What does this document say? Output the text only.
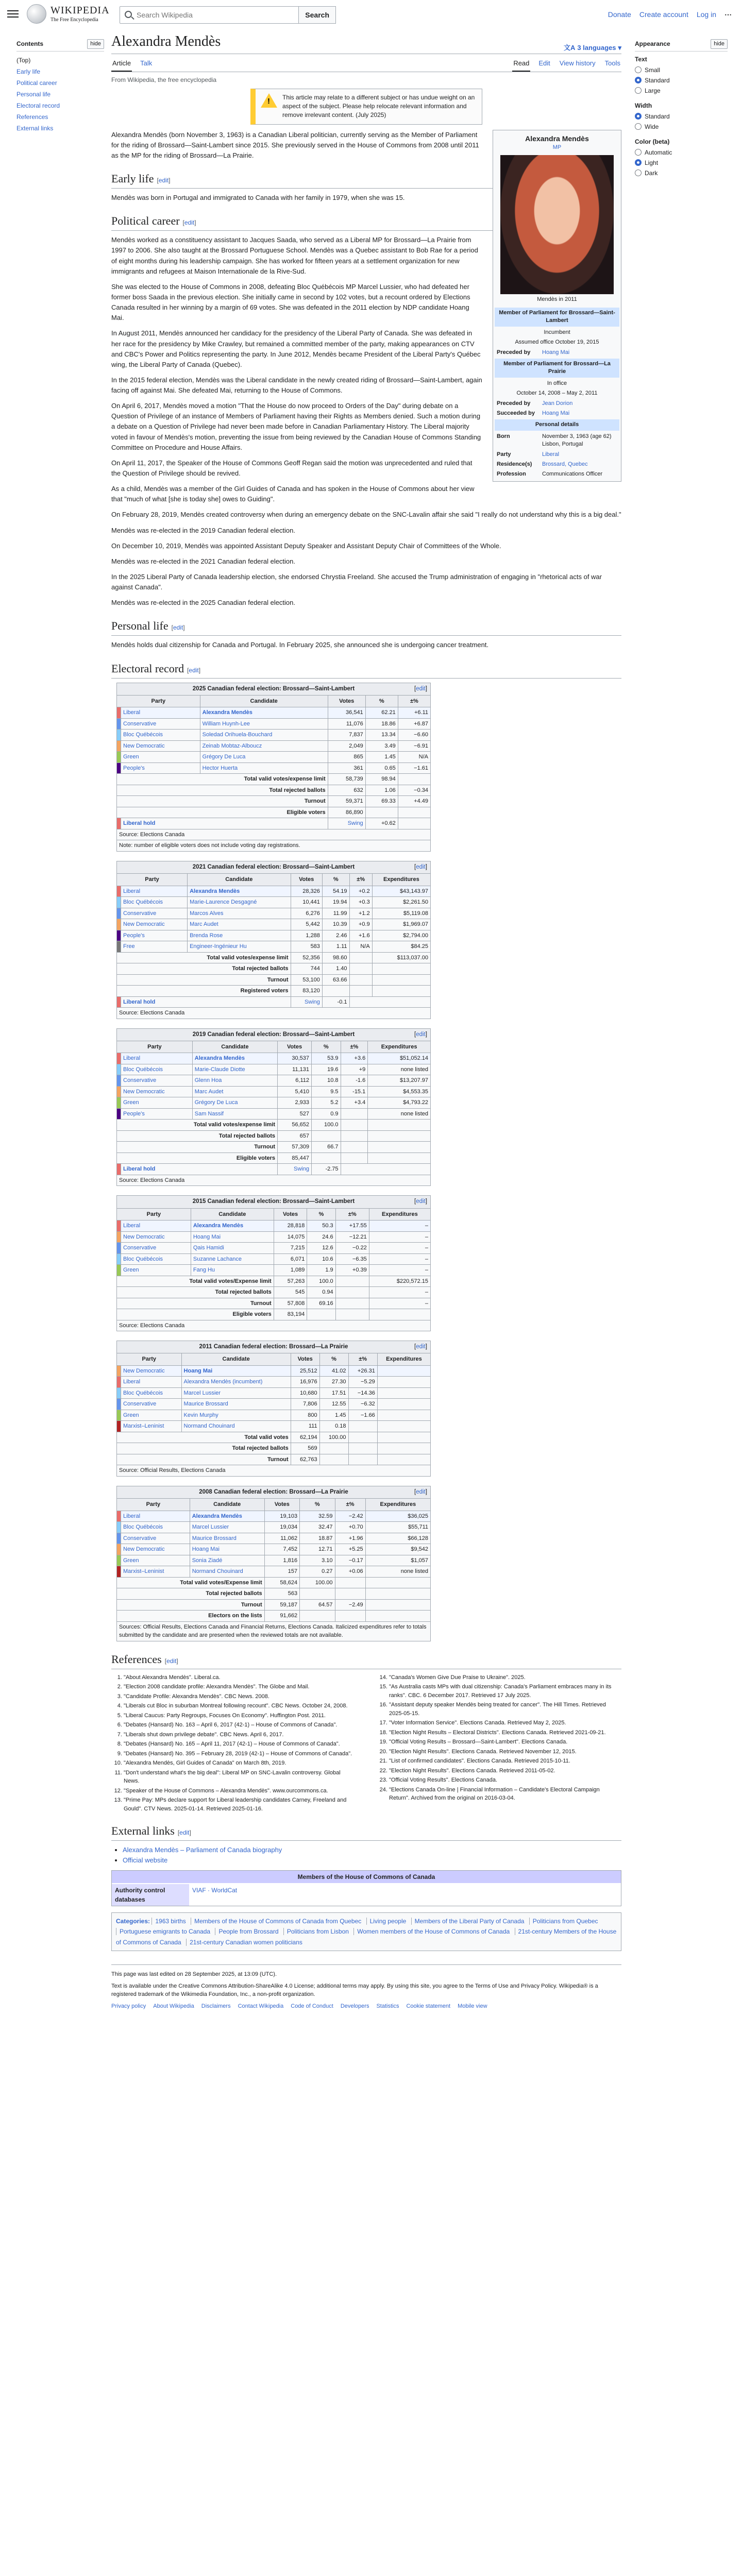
WIKIPEDIA
The Free Encyclopedia
Search Wikipedia
Search	Donate Create account Log in ⋯
Contents	hide
(Top)
Early life
Political career
Personal life
Electoral record
References
External links
Alexandra Mendès	文A 3 languages ▾
Article Talk	Read Edit View history Tools
From Wikipedia, the free encyclopedia
! This article may relate to a different subject or has undue weight on an aspect of the subject. Please help relocate relevant information and remove irrelevant content. (July 2025)
Alexandra Mendès
MP
Mendès in 2011
Member of Parliament for Brossard—Saint-Lambert
Incumbent
Assumed office October 19, 2015
Preceded by	Hoang Mai
Member of Parliament for Brossard—La Prairie
In office
October 14, 2008 – May 2, 2011
Preceded by	Jean Dorion
Succeeded by	Hoang Mai
Personal details
Born	November 3, 1963 (age 62) Lisbon, Portugal
Party	Liberal
Residence(s)	Brossard, Quebec
Profession	Communications Officer

Alexandra Mendès (born November 3, 1963) is a Canadian Liberal politician, currently serving as the Member of Parliament for the riding of Brossard—Saint-Lambert since 2015. She previously served in the House of Commons from 2008 until 2011 as the MP for the riding of Brossard—La Prairie.

Early life [edit]

Mendès was born in Portugal and immigrated to Canada with her family in 1979, when she was 15.

Political career [edit]

Mendès worked as a constituency assistant to Jacques Saada, who served as a Liberal MP for Brossard—La Prairie from 1997 to 2006. She also taught at the Brossard Portuguese School. Mendès was a Quebec assistant to Bob Rae for a period of eight months during his leadership campaign. She has worked for fifteen years at a settlement organization for new immigrants and refugees at Maison Internationale de la Rive-Sud.

She was elected to the House of Commons in 2008, defeating Bloc Québécois MP Marcel Lussier, who had defeated her former boss Saada in the previous election. She initially came in second by 102 votes, but a recount ordered by Elections Canada resulted in her winning by a margin of 69 votes. She was defeated in the 2011 election by NDP candidate Hoang Mai.

In August 2011, Mendès announced her candidacy for the presidency of the Liberal Party of Canada. She was defeated in her race for the presidency by Mike Crawley, but remained a committed member of the party, making appearances on CTV and CBC's Power and Politics representing the party. In June 2012, Mendès became President of the Liberal Party's Québec wing, the Liberal Party of Canada (Quebec).

In the 2015 federal election, Mendès was the Liberal candidate in the newly created riding of Brossard—Saint-Lambert, again facing off against Mai. She defeated Mai, returning to the House of Commons.

On April 6, 2017, Mendès moved a motion "That the House do now proceed to Orders of the Day" during debate on a Question of Privilege of an instance of Members of Parliament having their Rights as Members denied. Such a motion during a debate on a Question of Privilege had never been made before in Canadian Parliamentary History. The Liberal majority voted in favour of Mendès's motion, preventing the issue from being reviewed by the Canadian House of Commons Standing Committee on Procedure and House Affairs.

On April 11, 2017, the Speaker of the House of Commons Geoff Regan said the motion was unprecedented and ruled that the Question of Privilege should be revived.

As a child, Mendès was a member of the Girl Guides of Canada and has spoken in the House of Commons about her view that "much of what [she is today she] owes to Guiding".

On February 28, 2019, Mendès created controversy when during an emergency debate on the SNC-Lavalin affair she said "I really do not understand why this is a big deal."

Mendès was re-elected in the 2019 Canadian federal election.

On December 10, 2019, Mendès was appointed Assistant Deputy Speaker and Assistant Deputy Chair of Committees of the Whole.

Mendès was re-elected in the 2021 Canadian federal election.

In the 2025 Liberal Party of Canada leadership election, she endorsed Chrystia Freeland. She accused the Trump administration of engaging in "rhetorical acts of war against Canada".

Mendès was re-elected in the 2025 Canadian federal election.

Personal life [edit]

Mendès holds dual citizenship for Canada and Portugal. In February 2025, she announced she is undergoing cancer treatment.

Electoral record [edit]
2025 Canadian federal election: Brossard—Saint-Lambert	[edit]
Party		Candidate	Votes	%	±%
	Liberal	Alexandra Mendès	36,541	62.21	+6.11
	Conservative	William Huynh-Lee	11,076	18.86	+6.87
	Bloc Québécois	Soledad Orihuela-Bouchard	7,837	13.34	−6.60
	New Democratic	Zeinab Mobtaz-Alboucz	2,049	3.49	−6.91
	Green	Grégory De Luca	865	1.45	N/A
	People's	Hector Huerta	361	0.65	−1.61
Total valid votes/expense limit			58,739	98.94	
Total rejected ballots			632	1.06	−0.34
Turnout			59,371	69.33	+4.49
Eligible voters			86,890		
	Liberal hold		Swing	+0.62	
Source: Elections Canada					
Note: number of eligible voters does not include voting day registrations.					
2021 Canadian federal election: Brossard—Saint-Lambert	[edit]
Party		Candidate	Votes	%	±%	Expenditures
	Liberal	Alexandra Mendès	28,326	54.19	+0.2	$43,143.97
	Bloc Québécois	Marie-Laurence Desgagné	10,441	19.94	+0.3	$2,261.50
	Conservative	Marcos Alves	6,276	11.99	+1.2	$5,119.08
	New Democratic	Marc Audet	5,442	10.39	+0.9	$1,969.07
	People's	Brenda Rose	1,288	2.46	+1.6	$2,794.00
	Free	Engineer-Ingénieur Hu	583	1.11	N/A	$84.25
Total valid votes/expense limit			52,356	98.60		$113,037.00
Total rejected ballots			744	1.40		
Turnout			53,100	63.66		
Registered voters			83,120			
	Liberal hold		Swing	-0.1		
Source: Elections Canada						
2019 Canadian federal election: Brossard—Saint-Lambert	[edit]
Party		Candidate	Votes	%	±%	Expenditures
	Liberal	Alexandra Mendès	30,537	53.9	+3.6	$51,052.14
	Bloc Québécois	Marie-Claude Diotte	11,131	19.6	+9	none listed
	Conservative	Glenn Hoa	6,112	10.8	-1.6	$13,207.97
	New Democratic	Marc Audet	5,410	9.5	-15.1	$4,553.35
	Green	Grégory De Luca	2,933	5.2	+3.4	$4,793.22
	People's	Sam Nassif	527	0.9		none listed
Total valid votes/expense limit			56,652	100.0		
Total rejected ballots			657			
Turnout			57,309	66.7		
Eligible voters			85,447			
	Liberal hold		Swing	-2.75		
Source: Elections Canada						
2015 Canadian federal election: Brossard—Saint-Lambert	[edit]
Party		Candidate	Votes	%	±%	Expenditures
	Liberal	Alexandra Mendès	28,818	50.3	+17.55	–
	New Democratic	Hoang Mai	14,075	24.6	−12.21	–
	Conservative	Qais Hamidi	7,215	12.6	−0.22	–
	Bloc Québécois	Suzanne Lachance	6,071	10.6	−6.35	–
	Green	Fang Hu	1,089	1.9	+0.39	–
Total valid votes/Expense limit			57,263	100.0		$220,572.15
Total rejected ballots			545	0.94		–
Turnout			57,808	69.16		–
Eligible voters			83,194			
Source: Elections Canada						
2011 Canadian federal election: Brossard—La Prairie	[edit]
Party		Candidate	Votes	%	±%	Expenditures
	New Democratic	Hoang Mai	25,512	41.02	+26.31	
	Liberal	Alexandra Mendès (incumbent)	16,976	27.30	−5.29	
	Bloc Québécois	Marcel Lussier	10,680	17.51	−14.36	
	Conservative	Maurice Brossard	7,806	12.55	−6.32	
	Green	Kevin Murphy	800	1.45	−1.66	
	Marxist–Leninist	Normand Chouinard	111	0.18		
Total valid votes			62,194	100.00		
Total rejected ballots			569			
Turnout			62,763			
Source: Official Results, Elections Canada						
2008 Canadian federal election: Brossard—La Prairie	[edit]
Party		Candidate	Votes	%	±%	Expenditures
	Liberal	Alexandra Mendès	19,103	32.59	−2.42	$36,025
	Bloc Québécois	Marcel Lussier	19,034	32.47	+0.70	$55,711
	Conservative	Maurice Brossard	11,062	18.87	+1.96	$66,128
	New Democratic	Hoang Mai	7,452	12.71	+5.25	$9,542
	Green	Sonia Ziadé	1,816	3.10	−0.17	$1,057
	Marxist–Leninist	Normand Chouinard	157	0.27	+0.06	none listed
Total valid votes/Expense limit			58,624	100.00		
Total rejected ballots			563			
Turnout			59,187	64.57	−2.49	
Electors on the lists			91,662			
Sources: Official Results, Elections Canada and Financial Returns, Elections Canada. Italicized expenditures refer to totals submitted by the candidate and are presented when the reviewed totals are not available.						
References [edit]
1. "About Alexandra Mendès". Liberal.ca.
2. "Election 2008 candidate profile: Alexandra Mendès". The Globe and Mail.
3. "Candidate Profile: Alexandra Mendès". CBC News. 2008.
4. "Liberals cut Bloc in suburban Montreal following recount". CBC News. October 24, 2008.
5. "Liberal Caucus: Party Regroups, Focuses On Economy". Huffington Post. 2011.
6. "Debates (Hansard) No. 163 – April 6, 2017 (42-1) – House of Commons of Canada".
7. "Liberals shut down privilege debate". CBC News. April 6, 2017.
8. "Debates (Hansard) No. 165 – April 11, 2017 (42-1) – House of Commons of Canada".
9. "Debates (Hansard) No. 395 – February 28, 2019 (42-1) – House of Commons of Canada".
10. "Alexandra Mendès, Girl Guides of Canada" on March 8th, 2019.
11. "Don't understand what's the big deal": Liberal MP on SNC-Lavalin controversy. Global News.
12. "Speaker of the House of Commons – Alexandra Mendès". www.ourcommons.ca.
13. "Prime Pay: MPs declare support for Liberal leadership candidates Carney, Freeland and Gould". CTV News. 2025-01-14. Retrieved 2025-01-16.
14. "Canada's Women Give Due Praise to Ukraine". 2025.
15. "As Australia casts MPs with dual citizenship: Canada's Parliament embraces many in its ranks". CBC. 6 December 2017. Retrieved 17 July 2025.
16. "Assistant deputy speaker Mendès being treated for cancer". The Hill Times. Retrieved 2025-05-15.
17. "Voter Information Service". Elections Canada. Retrieved May 2, 2025.
18. "Election Night Results – Electoral Districts". Elections Canada. Retrieved 2021-09-21.
19. "Official Voting Results – Brossard—Saint-Lambert". Elections Canada.
20. "Election Night Results". Elections Canada. Retrieved November 12, 2015.
21. "List of confirmed candidates". Elections Canada. Retrieved 2015-10-11.
22. "Election Night Results". Elections Canada. Retrieved 2011-05-02.
23. "Official Voting Results". Elections Canada.
24. "Elections Canada On-line | Financial Information – Candidate's Electoral Campaign Return". Archived from the original on 2016-03-04.
External links [edit]
• Alexandra Mendès – Parliament of Canada biography
• Official website
Members of the House of Commons of Canada
Authority control databases
VIAF · WorldCat
Categories: 1963 births Members of the House of Commons of Canada from Quebec Living people Members of the Liberal Party of Canada Politicians from Quebec Portuguese emigrants to Canada People from Brossard Politicians from Lisbon Women members of the House of Commons of Canada 21st-century Members of the House of Commons of Canada 21st-century Canadian women politicians

This page was last edited on 28 September 2025, at 13:09 (UTC).

Text is available under the Creative Commons Attribution-ShareAlike 4.0 License; additional terms may apply. By using this site, you agree to the Terms of Use and Privacy Policy. Wikipedia® is a registered trademark of the Wikimedia Foundation, Inc., a non-profit organization.

Privacy policy About Wikipedia Disclaimers Contact Wikipedia Code of Conduct Developers Statistics Cookie statement Mobile view
Appearance	hide
Text
Small
Standard
Large
Width
Standard
Wide
Color (beta)
Automatic
Light
Dark
